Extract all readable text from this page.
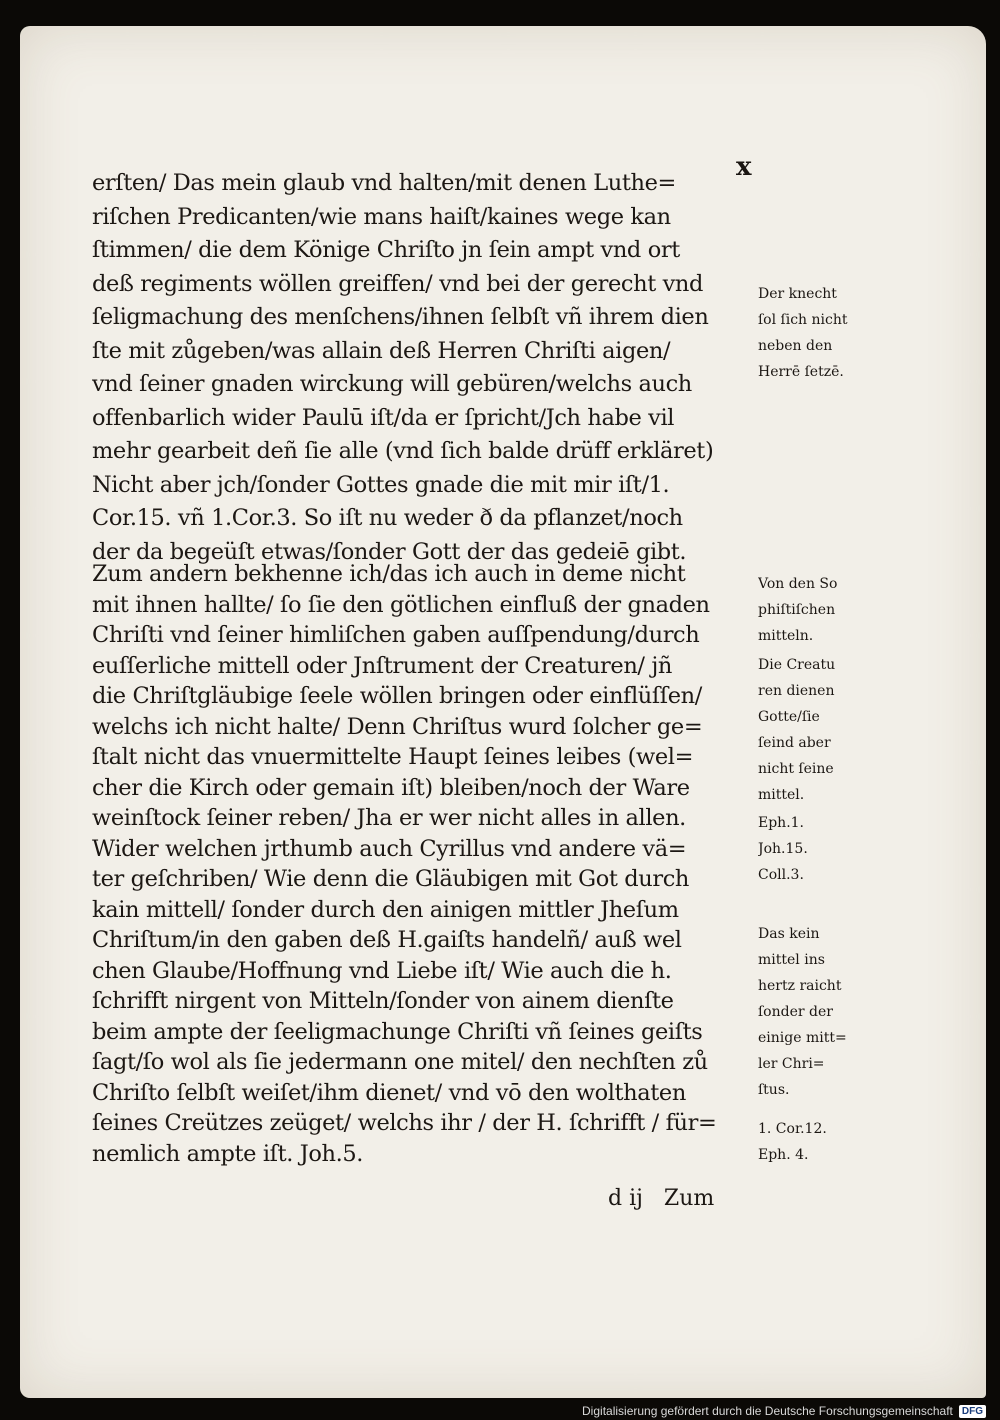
x
erſten/ Das mein glaub vnd halten/mit denen Luthe=
riſchen Predicanten/wie mans haiſt/kaines wege kan
ſtimmen/ die dem Könige Chriſto jn ſein ampt vnd ort
deß regiments wöllen greiffen/ vnd bei der gerecht vnd
ſeligmachung des menſchens/ihnen ſelbſt vñ ihrem dien
ſte mit zůgeben/was allain deß Herren Chriſti aigen/
vnd ſeiner gnaden wirckung will gebüren/welchs auch
offenbarlich wider Paulū iſt/da er ſpricht/Jch habe vil
mehr gearbeit deñ ſie alle (vnd ſich balde drüff erkläret)
Nicht aber jch/ſonder Gottes gnade die mit mir iſt/1.
Cor.15. vñ 1.Cor.3. So iſt nu weder ð da pflanzet/noch
der da begeüſt etwas/ſonder Gott der das gedeiē gibt.
Zum andern bekhenne ich/das ich auch in deme nicht
mit ihnen hallte/ ſo ſie den götlichen einfluß der gnaden
Chriſti vnd ſeiner himliſchen gaben auſſpendung/durch
euſſerliche mittell oder Jnſtrument der Creaturen/ jñ
die Chriſtgläubige ſeele wöllen bringen oder einflüſſen/
welchs ich nicht halte/ Denn Chriſtus wurd ſolcher ge=
ſtalt nicht das vnuermittelte Haupt ſeines leibes (wel=
cher die Kirch oder gemain iſt) bleiben/noch der Ware
weinſtock ſeiner reben/ Jha er wer nicht alles in allen.
Wider welchen jrthumb auch Cyrillus vnd andere vä=
ter geſchriben/ Wie denn die Gläubigen mit Got durch
kain mittell/ ſonder durch den ainigen mittler Jheſum
Chriſtum/in den gaben deß H.gaiſts handelñ/ auß wel
chen Glaube/Hoffnung vnd Liebe iſt/ Wie auch die h.
ſchrifft nirgent von Mitteln/ſonder von ainem dienſte
beim ampte der ſeeligmachunge Chriſti vñ ſeines geiſts
ſagt/ſo wol als ſie jedermann one mitel/ den nechſten zů
Chriſto ſelbſt weiſet/ihm dienet/ vnd vō den wolthaten
ſeines Creützes zeüget/ welchs ihr / der H. ſchrifft / für=
nemlich ampte iſt. Joh.5.
Der knecht
ſol ſich nicht
neben den
Herrē ſetzē.
Von den So
phiſtiſchen
mitteln.
Die Creatu
ren dienen
Gotte/ſie
ſeind aber
nicht ſeine
mittel.
Eph.1.
Joh.15.
Coll.3.
Das kein
mittel ins
hertz raicht
ſonder der
einige mitt=
ler Chri=
ſtus.
1. Cor.12.
Eph. 4.
d ij   Zum
Digitalisierung gefördert durch die Deutsche Forschungsgemeinschaft DFG
